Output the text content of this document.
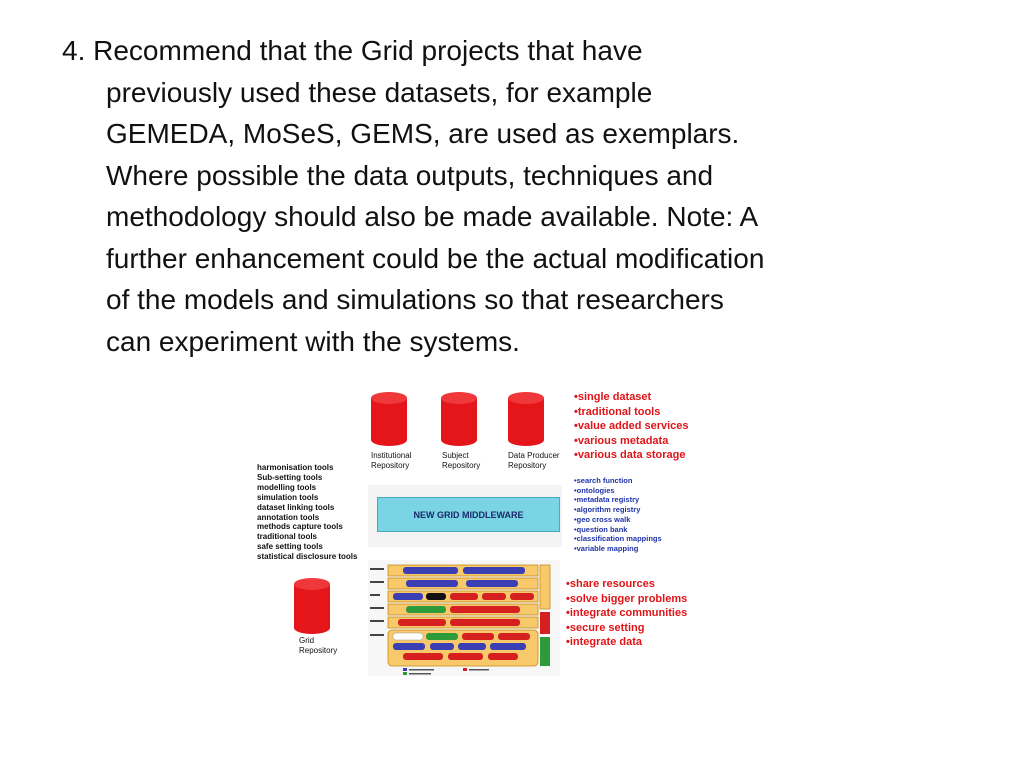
4. Recommend that the Grid projects that have
previously used these datasets, for example
GEMEDA, MoSeS, GEMS, are used as exemplars.
Where possible the data outputs, techniques and
methodology should also be made available. Note: A
further enhancement could be the actual modification
of the models and simulations so that researchers
can experiment with the systems.
Institutional
Repository
Subject
Repository
Data Producer
Repository
harmonisation tools
Sub-setting tools
modelling tools
simulation tools
dataset linking tools
annotation tools
methods capture tools
traditional tools
safe setting tools
statistical disclosure tools
NEW GRID MIDDLEWARE
Grid
Repository
•single dataset
•traditional tools
•value added services
•various metadata
•various data storage
•search function
•ontologies
•metadata registry
•algorithm registry
•geo cross walk
•question bank
•classification mappings
•variable mapping
•share resources
•solve bigger problems
•integrate communities
•secure setting
•integrate data
